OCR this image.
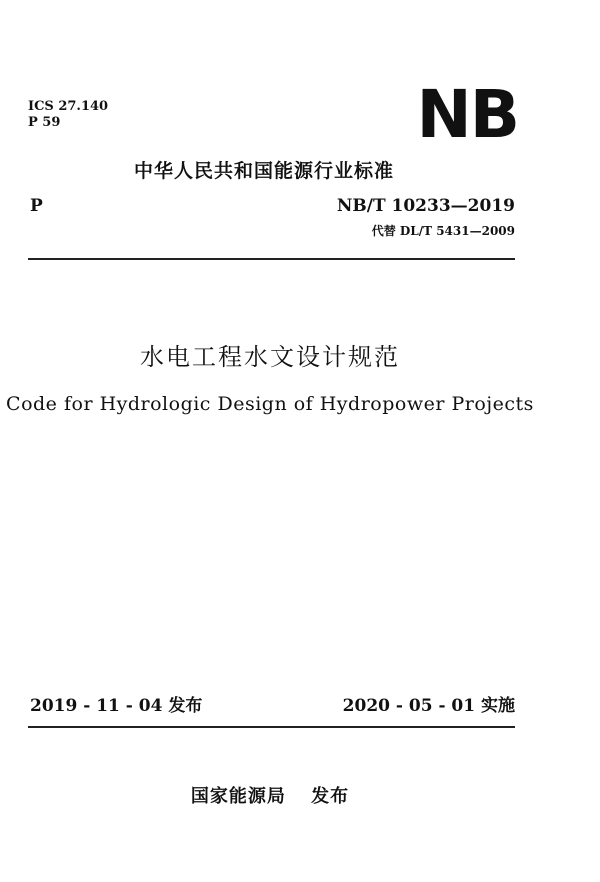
ICS 27.140
P 59	NB
中华人民共和国能源行业标准
P	NB/T 10233—2019
代替 DL/T 5431—2009
水电工程水文设计规范
Code for Hydrologic Design of Hydropower Projects
2019 - 11 - 04 发布	2020 - 05 - 01 实施
国家能源局 发布
